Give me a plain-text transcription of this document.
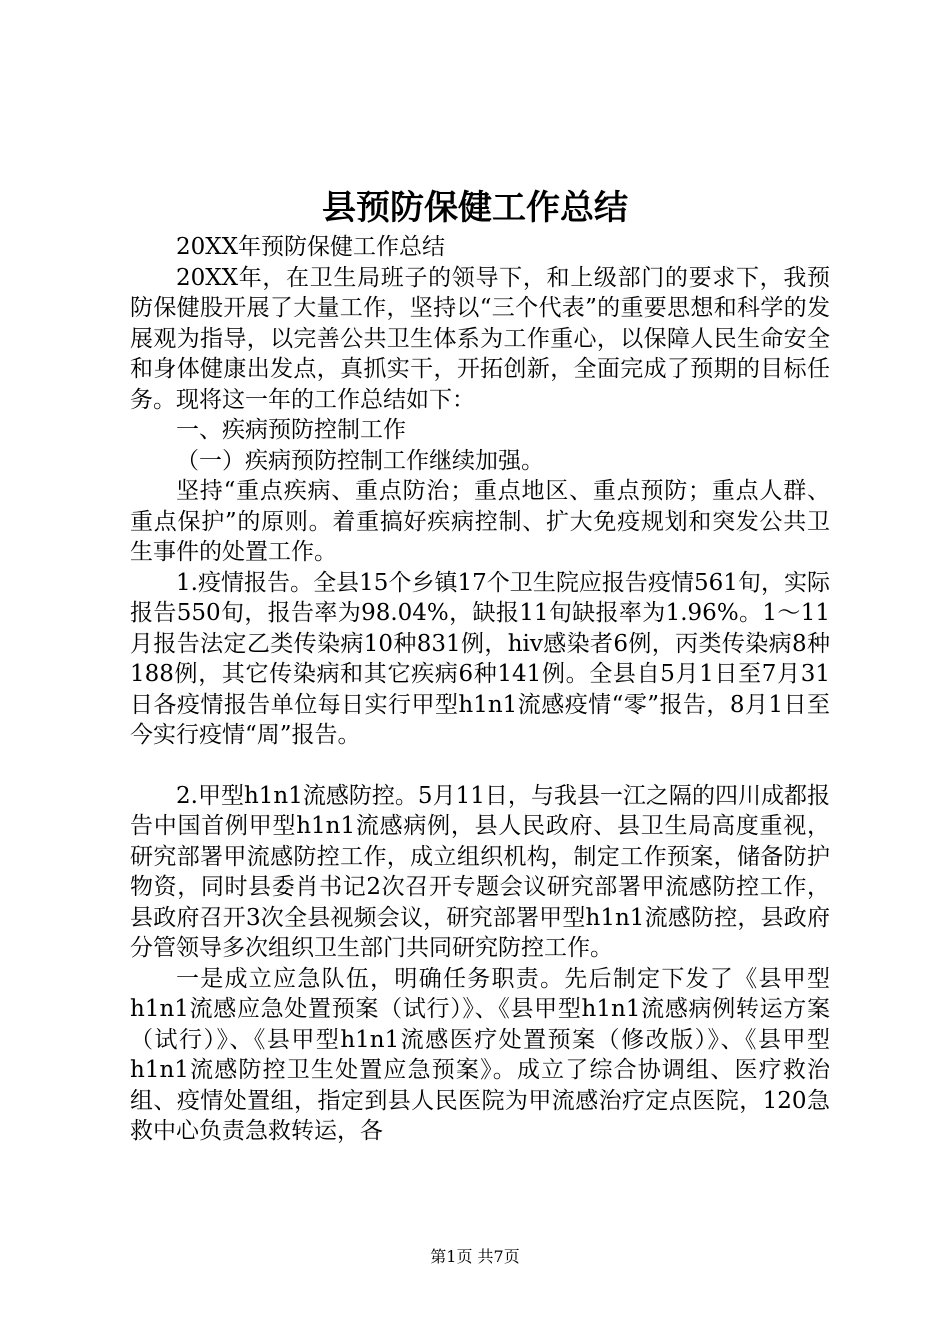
县预防保健工作总结

20XX年预防保健工作总结

20XX年，在卫生局班子的领导下，和上级部门的要求下，我预防保健股开展了大量工作，坚持以“三个代表”的重要思想和科学的发展观为指导，以完善公共卫生体系为工作重心，以保障人民生命安全和身体健康出发点，真抓实干，开拓创新，全面完成了预期的目标任务。现将这一年的工作总结如下：

一、疾病预防控制工作

（一）疾病预防控制工作继续加强。

坚持“重点疾病、重点防治；重点地区、重点预防；重点人群、重点保护”的原则。着重搞好疾病控制、扩大免疫规划和突发公共卫生事件的处置工作。

1.疫情报告。全县15个乡镇17个卫生院应报告疫情561旬，实际报告550旬，报告率为98.04%，缺报11旬缺报率为1.96%。1～11月报告法定乙类传染病10种831例，hiv感染者6例，丙类传染病8种188例，其它传染病和其它疾病6种141例。全县自5月1日至7月31日各疫情报告单位每日实行甲型h1n1流感疫情“零”报告，8月1日至今实行疫情“周”报告。

2.甲型h1n1流感防控。5月11日，与我县一江之隔的四川成都报告中国首例甲型h1n1流感病例，县人民政府、县卫生局高度重视，研究部署甲流感防控工作，成立组织机构，制定工作预案，储备防护物资，同时县委肖书记2次召开专题会议研究部署甲流感防控工作，县政府召开3次全县视频会议，研究部署甲型h1n1流感防控，县政府分管领导多次组织卫生部门共同研究防控工作。

一是成立应急队伍，明确任务职责。先后制定下发了《县甲型h1n1流感应急处置预案（试行）》、《县甲型h1n1流感病例转运方案（试行）》、《县甲型h1n1流感医疗处置预案（修改版）》、《县甲型h1n1流感防控卫生处置应急预案》。成立了综合协调组、医疗救治组、疫情处置组，指定到县人民医院为甲流感治疗定点医院，120急救中心负责急救转运，各

第1页 共7页
